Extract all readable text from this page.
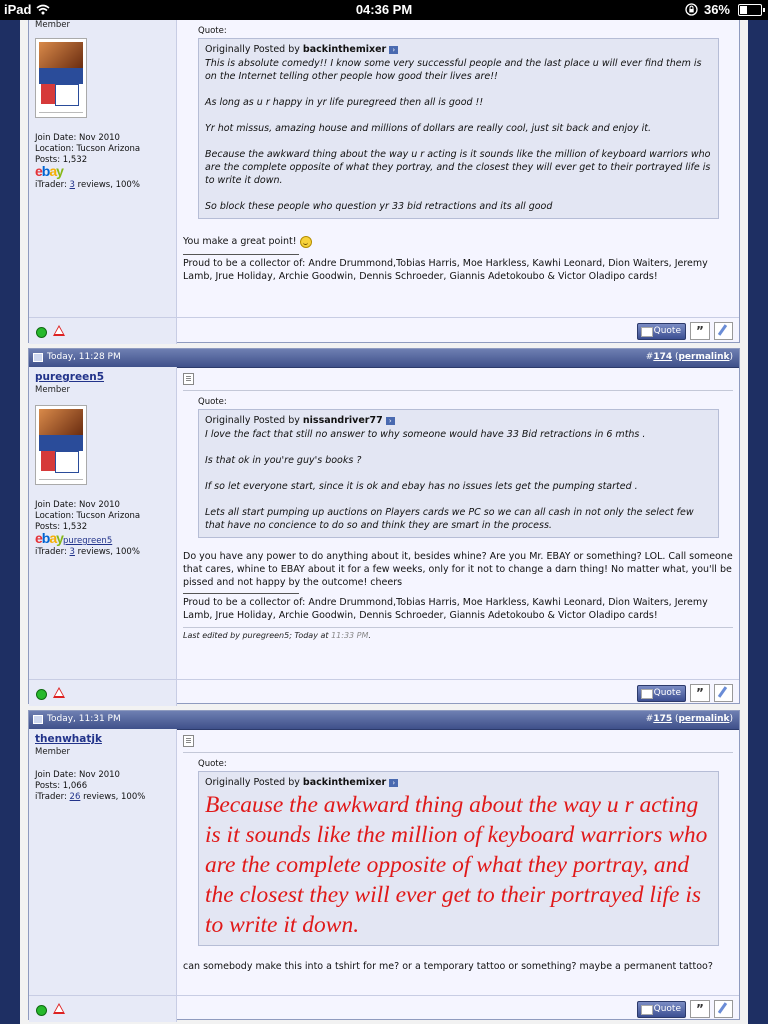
iPad	04:36 PM	36%
Member
Join Date: Nov 2010
Location: Tucson Arizona
Posts: 1,532
ebay
iTrader: 3 reviews, 100%
Quote:
Originally Posted by backinthemixer ›

This is absolute comedy!! I know some very successful people and the last place u will ever find them is on the Internet telling other people how good their lives are!!

As long as u r happy in yr life puregreed then all is good !!

Yr hot missus, amazing house and millions of dollars are really cool, just sit back and enjoy it.

Because the awkward thing about the way u r acting is it sounds like the million of keyboard warriors who are the complete opposite of what they portray, and the closest they will ever get to their portrayed life is to write it down.

So block these people who question yr 33 bid retractions and its all good

You make a great point!
Proud to be a collector of: Andre Drummond,Tobias Harris, Moe Harkless, Kawhi Leonard, Dion Waiters, Jeremy Lamb, Jrue Holiday, Archie Goodwin, Dennis Schroeder, Giannis Adetokoubo & Victor Oladipo cards!
Quote	”
Today, 11:28 PM	#174 (permalink)
puregreen5
Member
Join Date: Nov 2010
Location: Tucson Arizona
Posts: 1,532
ebaypuregreen5
iTrader: 3 reviews, 100%
Quote:
Originally Posted by nissandriver77 ›

I love the fact that still no answer to why someone would have 33 Bid retractions in 6 mths .

Is that ok in you're guy's books ?

If so let everyone start, since it is ok and ebay has no issues lets get the pumping started .

Lets all start pumping up auctions on Players cards we PC so we can all cash in not only the select few that have no concience to do so and think they are smart in the process.

Do you have any power to do anything about it, besides whine? Are you Mr. EBAY or something? LOL. Call someone that cares, whine to EBAY about it for a few weeks, only for it not to change a darn thing! No matter what, you'll be pissed and not happy by the outcome! cheers
Proud to be a collector of: Andre Drummond,Tobias Harris, Moe Harkless, Kawhi Leonard, Dion Waiters, Jeremy Lamb, Jrue Holiday, Archie Goodwin, Dennis Schroeder, Giannis Adetokoubo & Victor Oladipo cards!
Last edited by puregreen5; Today at 11:33 PM.
Quote	”
Today, 11:31 PM	#175 (permalink)
thenwhatjk
Member
Join Date: Nov 2010
Posts: 1,066
iTrader: 26 reviews, 100%
Quote:
Originally Posted by backinthemixer ›
Because the awkward thing about the way u r acting is it sounds like the million of keyboard warriors who are the complete opposite of what they portray, and the closest they will ever get to their portrayed life is to write it down.
can somebody make this into a tshirt for me? or a temporary tattoo or something? maybe a permanent tattoo?
Quote	”
